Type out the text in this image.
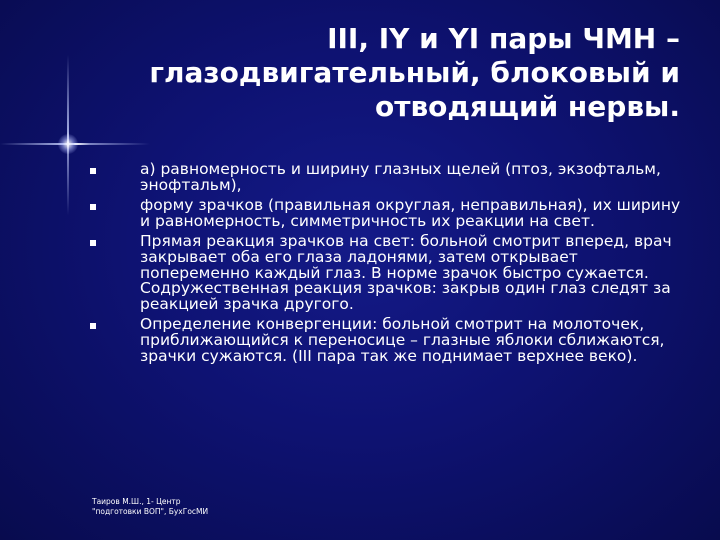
III, IY и YI пары ЧМН –
глазодвигательный, блоковый и
отводящий нервы.
а) равномерность и ширину глазных щелей (птоз, экзофтальм, энофтальм),
форму зрачков (правильная округлая, неправильная), их ширину и равномерность, симметричность их реакции на свет.
Прямая реакция зрачков на свет: больной смотрит вперед, врач закрывает оба его глаза ладонями, затем открывает попеременно каждый глаз. В норме зрачок быстро сужается. Содружественная реакция зрачков: закрыв один глаз следят за реакцией зрачка другого.
Определение конвергенции: больной смотрит на молоточек, приближающийся к переносице – глазные яблоки сближаются, зрачки сужаются. (III пара так же поднимает верхнее веко).
Таиров М.Ш., 1- Центр
"подготовки ВОП", БухГосМИ
